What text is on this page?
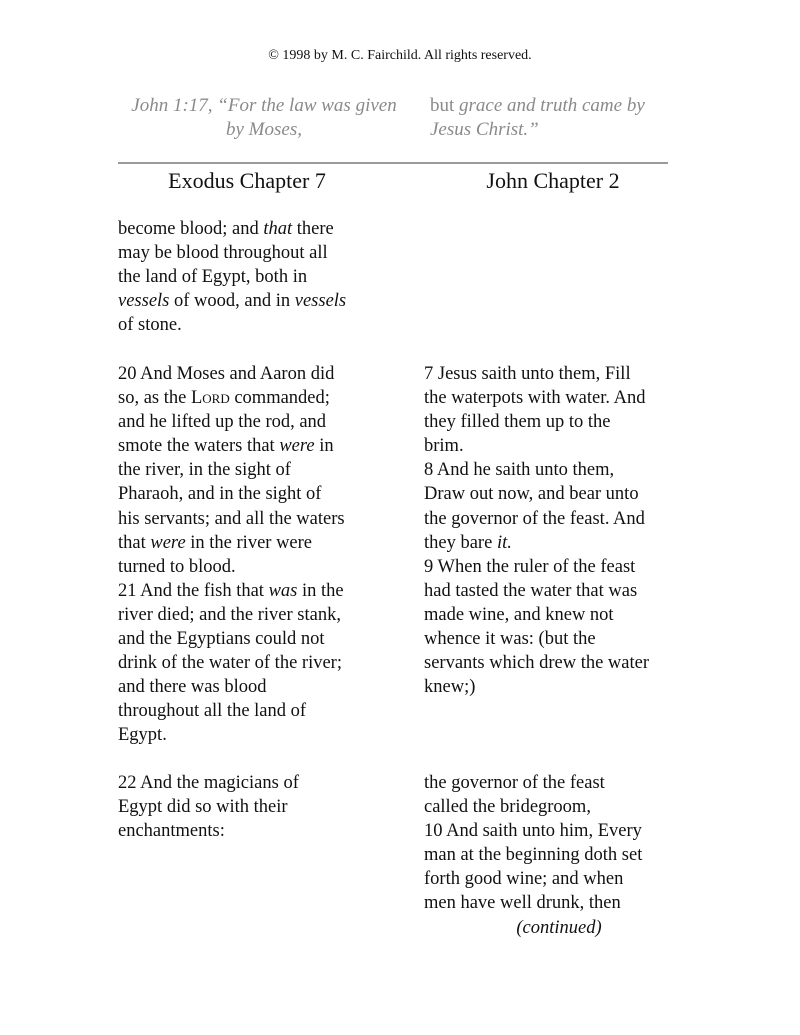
© 1998 by M. C. Fairchild. All rights reserved.
John 1:17, “For the law was given
by Moses,
but grace and truth came by
Jesus Christ.”
Exodus Chapter 7	John Chapter 2
become blood; and that there
may be blood throughout all
the land of Egypt, both in
vessels of wood, and in vessels
of stone.
20 And Moses and Aaron did
so, as the Lord commanded;
and he lifted up the rod, and
smote the waters that were in
the river, in the sight of
Pharaoh, and in the sight of
his servants; and all the waters
that were in the river were
turned to blood.
21 And the fish that was in the
river died; and the river stank,
and the Egyptians could not
drink of the water of the river;
and there was blood
throughout all the land of
Egypt.
22 And the magicians of
Egypt did so with their
enchantments:
7 Jesus saith unto them, Fill
the waterpots with water. And
they filled them up to the
brim.
8 And he saith unto them,
Draw out now, and bear unto
the governor of the feast. And
they bare it.
9 When the ruler of the feast
had tasted the water that was
made wine, and knew not
whence it was: (but the
servants which drew the water
knew;)
the governor of the feast
called the bridegroom,
10 And saith unto him, Every
man at the beginning doth set
forth good wine; and when
men have well drunk, then
(continued)
